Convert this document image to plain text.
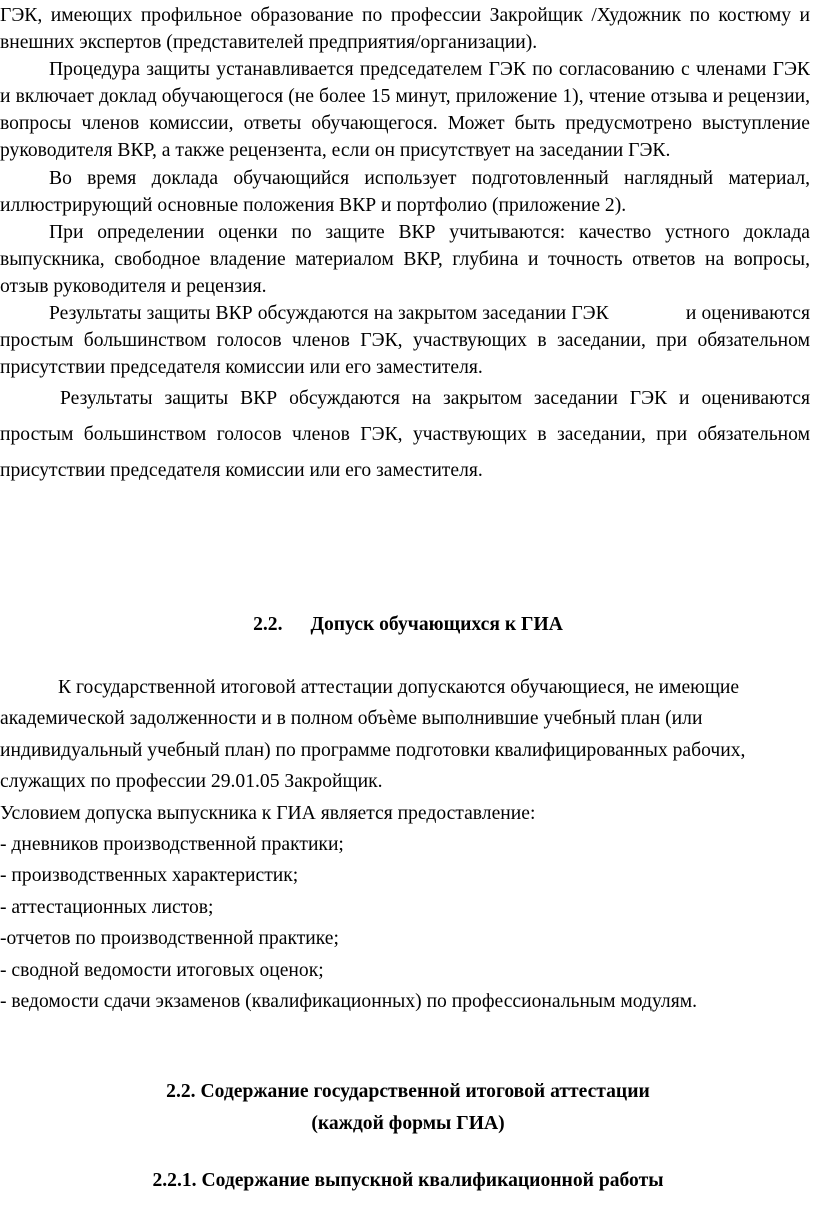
ГЭК, имеющих профильное образование по профессии Закройщик /Художник по костюму и внешних экспертов (представителей предприятия/организации).

Процедура защиты устанавливается председателем ГЭК по согласованию с членами ГЭК и включает доклад обучающегося (не более 15 минут, приложение 1), чтение отзыва и рецензии, вопросы членов комиссии, ответы обучающегося. Может быть предусмотрено выступление руководителя ВКР, а также рецензента, если он присутствует на заседании ГЭК.

Во время доклада обучающийся использует подготовленный наглядный материал, иллюстрирующий основные положения ВКР и портфолио (приложение 2).

При определении оценки по защите ВКР учитываются: качество устного доклада выпускника, свободное владение материалом ВКР, глубина и точность ответов на вопросы, отзыв руководителя и рецензия.

Результаты защиты ВКР обсуждаются на закрытом заседании ГЭК               и оцениваются простым большинством голосов членов ГЭК, участвующих в заседании, при обязательном присутствии председателя комиссии или его заместителя.

Результаты защиты ВКР обсуждаются на закрытом заседании ГЭК и оцениваются простым большинством голосов членов ГЭК, участвующих в заседании, при обязательном присутствии председателя комиссии или его заместителя.

2.2. Допуск обучающихся к ГИА

К государственной итоговой аттестации допускаются обучающиеся, не имеющие академической задолженности и в полном объѐме выполнившие учебный план (или индивидуальный учебный план) по программе подготовки квалифицированных рабочих, служащих по профессии 29.01.05 Закройщик.

Условием допуска выпускника к ГИА является предоставление:

- дневников производственной практики;

- производственных характеристик;

- аттестационных листов;

-отчетов по производственной практике;

- сводной ведомости итоговых оценок;

- ведомости сдачи экзаменов (квалификационных) по профессиональным модулям.

2.2. Содержание государственной итоговой аттестации
(каждой формы ГИА)
2.2.1. Содержание выпускной квалификационной работы
